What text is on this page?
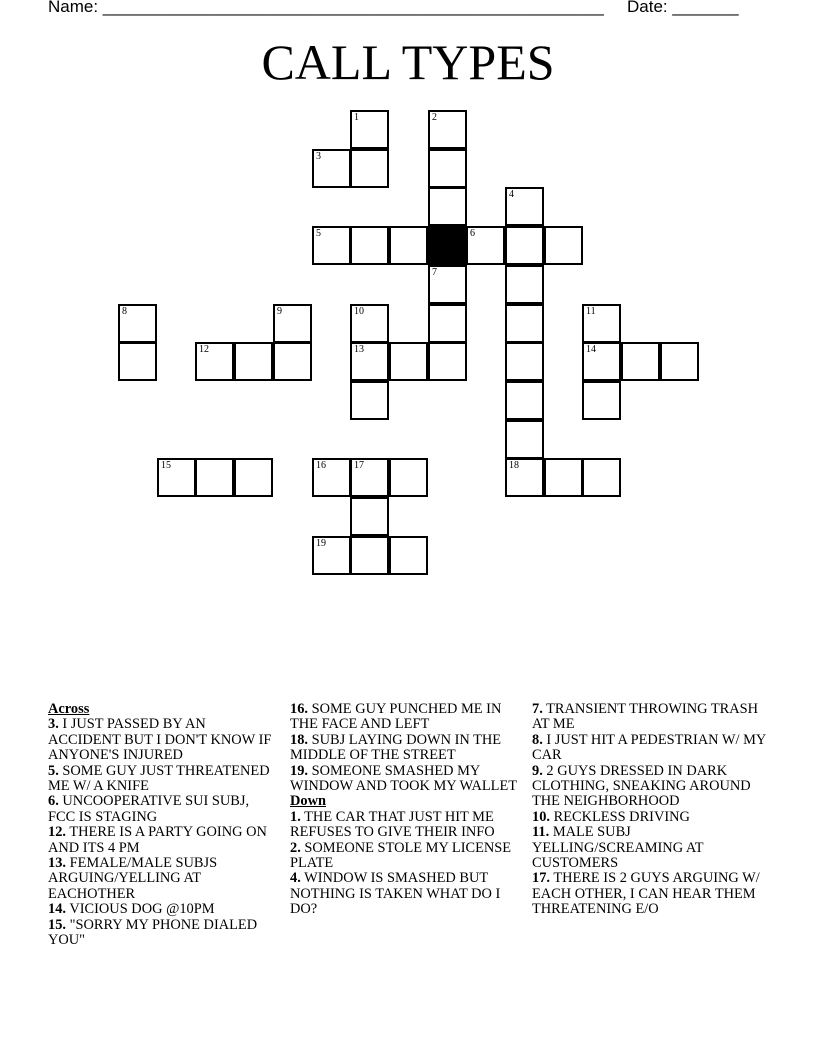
Name: _____________________________________________________ Date: _______
CALL TYPES
1	2
3
4
5	6
7
8	9	10	11
12	13	14
15	16	17	18
19
Across
3. I JUST PASSED BY AN ACCIDENT BUT I DON'T KNOW IF ANYONE'S INJURED
5. SOME GUY JUST THREATENED ME W/ A KNIFE
6. UNCOOPERATIVE SUI SUBJ, FCC IS STAGING
12. THERE IS A PARTY GOING ON AND ITS 4 PM
13. FEMALE/MALE SUBJS ARGUING/YELLING AT EACHOTHER
14. VICIOUS DOG @10PM
15. "SORRY MY PHONE DIALED YOU"
16. SOME GUY PUNCHED ME IN THE FACE AND LEFT
18. SUBJ LAYING DOWN IN THE MIDDLE OF THE STREET
19. SOMEONE SMASHED MY WINDOW AND TOOK MY WALLET
Down
1. THE CAR THAT JUST HIT ME REFUSES TO GIVE THEIR INFO
2. SOMEONE STOLE MY LICENSE PLATE
4. WINDOW IS SMASHED BUT NOTHING IS TAKEN WHAT DO I DO?
7. TRANSIENT THROWING TRASH AT ME
8. I JUST HIT A PEDESTRIAN W/ MY CAR
9. 2 GUYS DRESSED IN DARK CLOTHING, SNEAKING AROUND THE NEIGHBORHOOD
10. RECKLESS DRIVING
11. MALE SUBJ YELLING/SCREAMING AT CUSTOMERS
17. THERE IS 2 GUYS ARGUING W/ EACH OTHER, I CAN HEAR THEM THREATENING E/O
